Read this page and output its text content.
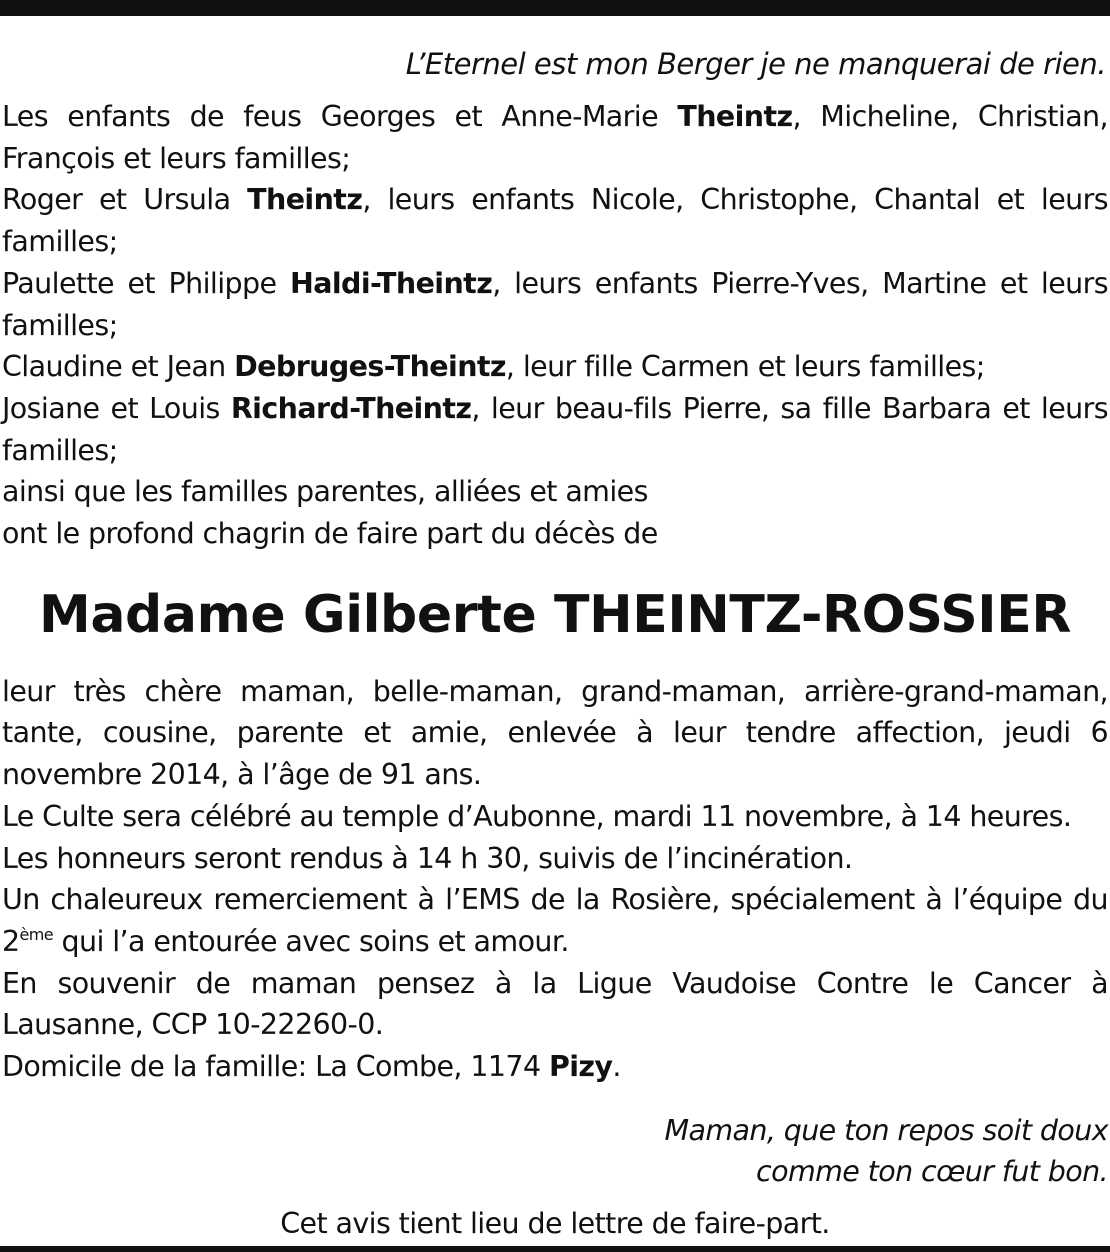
L’Eternel est mon Berger je ne manquerai de rien.

Les enfants de feus Georges et Anne-Marie Theintz, Micheline, Christian, François et leurs familles;

Roger et Ursula Theintz, leurs enfants Nicole, Christophe, Chantal et leurs familles;

Paulette et Philippe Haldi-Theintz, leurs enfants Pierre-Yves, Martine et leurs familles;

Claudine et Jean Debruges-Theintz, leur fille Carmen et leurs familles;

Josiane et Louis Richard-Theintz, leur beau-fils Pierre, sa fille Barbara et leurs familles;

ainsi que les familles parentes, alliées et amies

ont le profond chagrin de faire part du décès de

Madame Gilberte THEINTZ-ROSSIER

leur très chère maman, belle-maman, grand-maman, arrière-grand-maman, tante, cousine, parente et amie, enlevée à leur tendre affection, jeudi 6 novembre 2014, à l’âge de 91 ans.

Le Culte sera célébré au temple d’Aubonne, mardi 11 novembre, à 14 heures.

Les honneurs seront rendus à 14 h 30, suivis de l’incinération.

Un chaleureux remerciement à l’EMS de la Rosière, spécialement à l’équipe du 2ème qui l’a entourée avec soins et amour.

En souvenir de maman pensez à la Ligue Vaudoise Contre le Cancer à Lausanne, CCP 10-22260-0.

Domicile de la famille: La Combe, 1174 Pizy.

Maman, que ton repos soit doux

comme ton cœur fut bon.

Cet avis tient lieu de lettre de faire-part.
